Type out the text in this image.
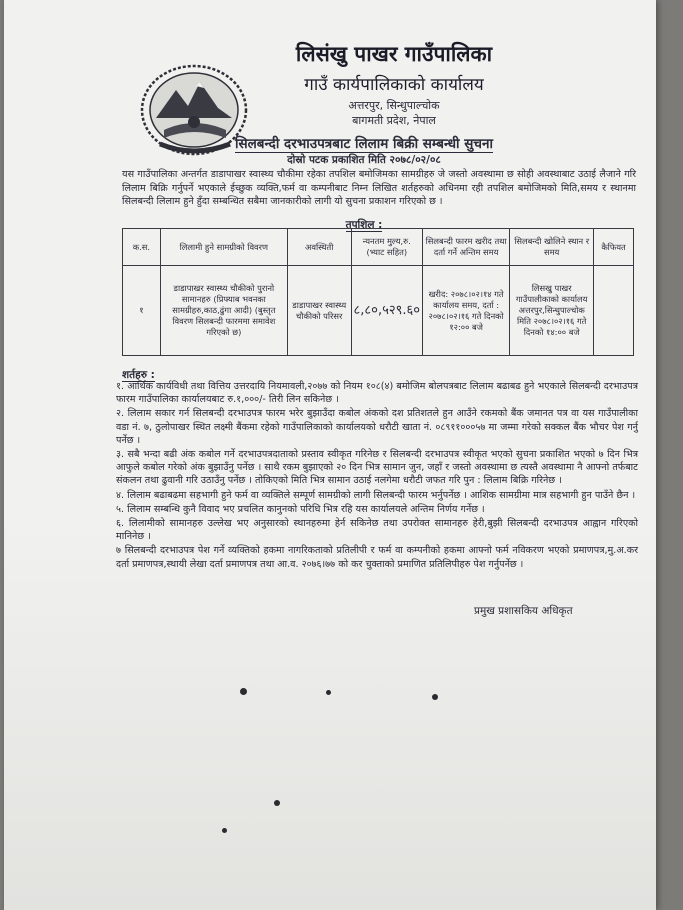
लिसंखु पाखर गाउँपालिका
गाउँ कार्यपालिकाको कार्यालय
अत्तरपुर, सिन्धुपाल्चोक
बागमती प्रदेश, नेपाल
सिलबन्दी दरभाउपत्रबाट लिलाम बिक्री सम्बन्धी सुचना
दोस्रो पटक प्रकाशित मिति २०७८/०२/०८

यस गाउँपालिका अन्तर्गत डाडापाखर स्वास्थ्य चौकीमा रहेका तपशिल बमोजिमका सामग्रीहरु जे जस्तो अवस्थामा छ सोही अवस्थाबाट उठाई लैजाने गरि लिलाम बिक्रि गर्नुपर्ने भएकाले ईच्छुक व्यक्ति,फर्म वा कम्पनीबाट निम्न लिखित शर्तहरुको अधिनमा रही तपशिल बमोजिमको मिति,समय र स्थानमा सिलबन्दी लिलाम हुने हुँदा सम्बन्धित सबैमा जानकारीको लागी यो सुचना प्रकाशन गरिएको छ ।

तपशिल :
क.स.	लिलामी हुने सामग्रीको विवरण	अवस्थिती	न्यनतम मुल्य,रु. (भ्याट सहित)	सिलबन्दी फारम खरीद तथा दर्ता गर्ने अन्तिम समय	सिलबन्दी खोलिने स्थान र समय	कैफियत
१	डाडापाखर स्वास्थ्य चौकीको पुरानो सामानहरु (प्रिफ्याब भवनका सामग्रीहरु,काठ,ढुंगा आदी) (बुस्तृत विवरण सिलबन्दी फारममा समावेश गरिएको छ)	डाडापाखर स्वास्थ्य चौकीको परिसर	८,८०,५२९.६०	खरीद: २०७८।०२।१४ गते कार्यालय समय, दर्ता : २०७८।०२।१६ गते दिनको १२:०० बजे	लिसखु पाखर गाउँपालीकाको कार्यालय अत्तरपुर,सिन्धुपाल्चोक मिति २०७८।०२।१६ गते दिनको १४:०० बजे	
शर्तहरु :
१. आर्थिक कार्यविधी तथा वित्तिय उत्तरदायि नियमावली,२०७७ को नियम १०८(४) बमोजिम बोलपत्रबाट लिलाम बढाबढ हुने भएकाले सिलबन्दी दरभाउपत्र फारम गाउँपालिका कार्यालयबाट रु.१,०००/- तिरी लिन सकिनेछ ।
२. लिलाम सकार गर्न सिलबन्दी दरभाउपत्र फारम भरेर बुझाउँदा कबोल अंकको दश प्रतिशतले हुन आउँने रकमको बैंक जमानत पत्र वा यस गाउँपालीका वडा नं. ७, ठुलोपाखर स्थित लक्ष्मी बैंकमा रहेको गाउँपालिकाको कार्यालयको धरौटी खाता नं. ०८९११०००५७ मा जम्मा गरेको सक्कल बैंक भौचर पेश गर्नु पर्नेछ ।
३. सबै भन्दा बढी अंक कबोल गर्ने दरभाउपत्रदाताको प्रस्ताव स्वीकृत गरिनेछ र सिलबन्दी दरभाउपत्र स्वीकृत भएको सुचना प्रकाशित भएको ७ दिन भित्र आफुले कबोल गरेको अंक बुझाउँनु पर्नेछ । साथै रकम बुझाएको २० दिन भित्र सामान जुन, जहाँ र जस्तो अवस्थामा छ त्यस्तै अवस्थामा नै आफ्नो तर्फबाट संकलन तथा ढुवानी गरि उठाउँनु पर्नेछ । तोकिएको मिति भित्र सामान उठाई नलगेमा धरौटी जफत गरि पुन : लिलाम बिक्रि गरिनेछ ।
४. लिलाम बढाबढमा सहभागी हुने फर्म वा व्यक्तिले सम्पूर्ण सामग्रीको लागी सिलबन्दी फारम भर्नुपर्नेछ । आशिक सामग्रीमा मात्र सहभागी हुन पाउँने छैन ।
५. लिलाम सम्बन्धि कुनै विवाद भए प्रचलित कानुनको परिधि भित्र रहि यस कार्यालयले अन्तिम निर्णय गर्नेछ ।
६. लिलामीको सामानहरु उल्लेख भए अनुसारको स्थानहरुमा हेर्न सकिनेछ तथा उपरोक्त सामानहरु हेरी,बुझी सिलबन्दी दरभाउपत्र आह्वान गरिएको मानिनेछ ।
७ सिलबन्दी दरभाउपत्र पेश गर्ने व्यक्तिको हकमा नागरिकताको प्रतिलीपी र फर्म वा कम्पनीको हकमा आफ्नो फर्म नविकरण भएको प्रमाणपत्र,मु.अ.कर दर्ता प्रमाणपत्र,स्थायी लेखा दर्ता प्रमाणपत्र तथा आ.व. २०७६।७७ को कर चुक्ताको प्रमाणित प्रतिलिपीहरु पेश गर्नुपर्नेछ ।
प्रमुख प्रशासकिय अधिकृत
